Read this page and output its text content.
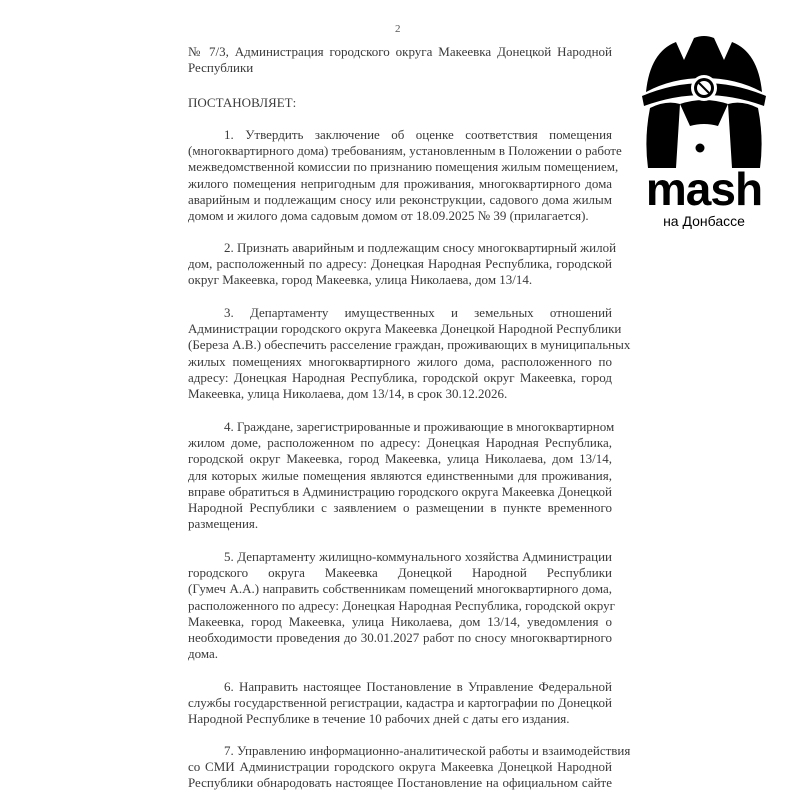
2
ПОСТАНОВЛЯЕТ:
№ 7/3, Администрация городского округа Макеевка Донецкой Народной
Республики
1. Утвердить заключение об оценке соответствия помещения
(многоквартирного дома) требованиям, установленным в Положении о работе
межведомственной комиссии по признанию помещения жилым помещением,
жилого помещения непригодным для проживания, многоквартирного дома
аварийным и подлежащим сносу или реконструкции, садового дома жилым
домом и жилого дома садовым домом от 18.09.2025 № 39 (прилагается).
2. Признать аварийным и подлежащим сносу многоквартирный жилой
дом, расположенный по адресу: Донецкая Народная Республика, городской
округ Макеевка, город Макеевка, улица Николаева, дом 13/14.
3. Департаменту имущественных и земельных отношений
Администрации городского округа Макеевка Донецкой Народной Республики
(Береза А.В.) обеспечить расселение граждан, проживающих в муниципальных
жилых помещениях многоквартирного жилого дома, расположенного по
адресу: Донецкая Народная Республика, городской округ Макеевка, город
Макеевка, улица Николаева, дом 13/14, в срок 30.12.2026.
4. Граждане, зарегистрированные и проживающие в многоквартирном
жилом доме, расположенном по адресу: Донецкая Народная Республика,
городской округ Макеевка, город Макеевка, улица Николаева, дом 13/14,
для которых жилые помещения являются единственными для проживания,
вправе обратиться в Администрацию городского округа Макеевка Донецкой
Народной Республики с заявлением о размещении в пункте временного
размещения.
5. Департаменту жилищно-коммунального хозяйства Администрации
городского округа Макеевка Донецкой Народной Республики
(Гумеч А.А.) направить собственникам помещений многоквартирного дома,
расположенного по адресу: Донецкая Народная Республика, городской округ
Макеевка, город Макеевка, улица Николаева, дом 13/14, уведомления о
необходимости проведения до 30.01.2027 работ по сносу многоквартирного
дома.
6. Направить настоящее Постановление в Управление Федеральной
службы государственной регистрации, кадастра и картографии по Донецкой
Народной Республике в течение 10 рабочих дней с даты его издания.
7. Управлению информационно-аналитической работы и взаимодействия
со СМИ Администрации городского округа Макеевка Донецкой Народной
Республики обнародовать настоящее Постановление на официальном сайте
mash
на Донбассе
